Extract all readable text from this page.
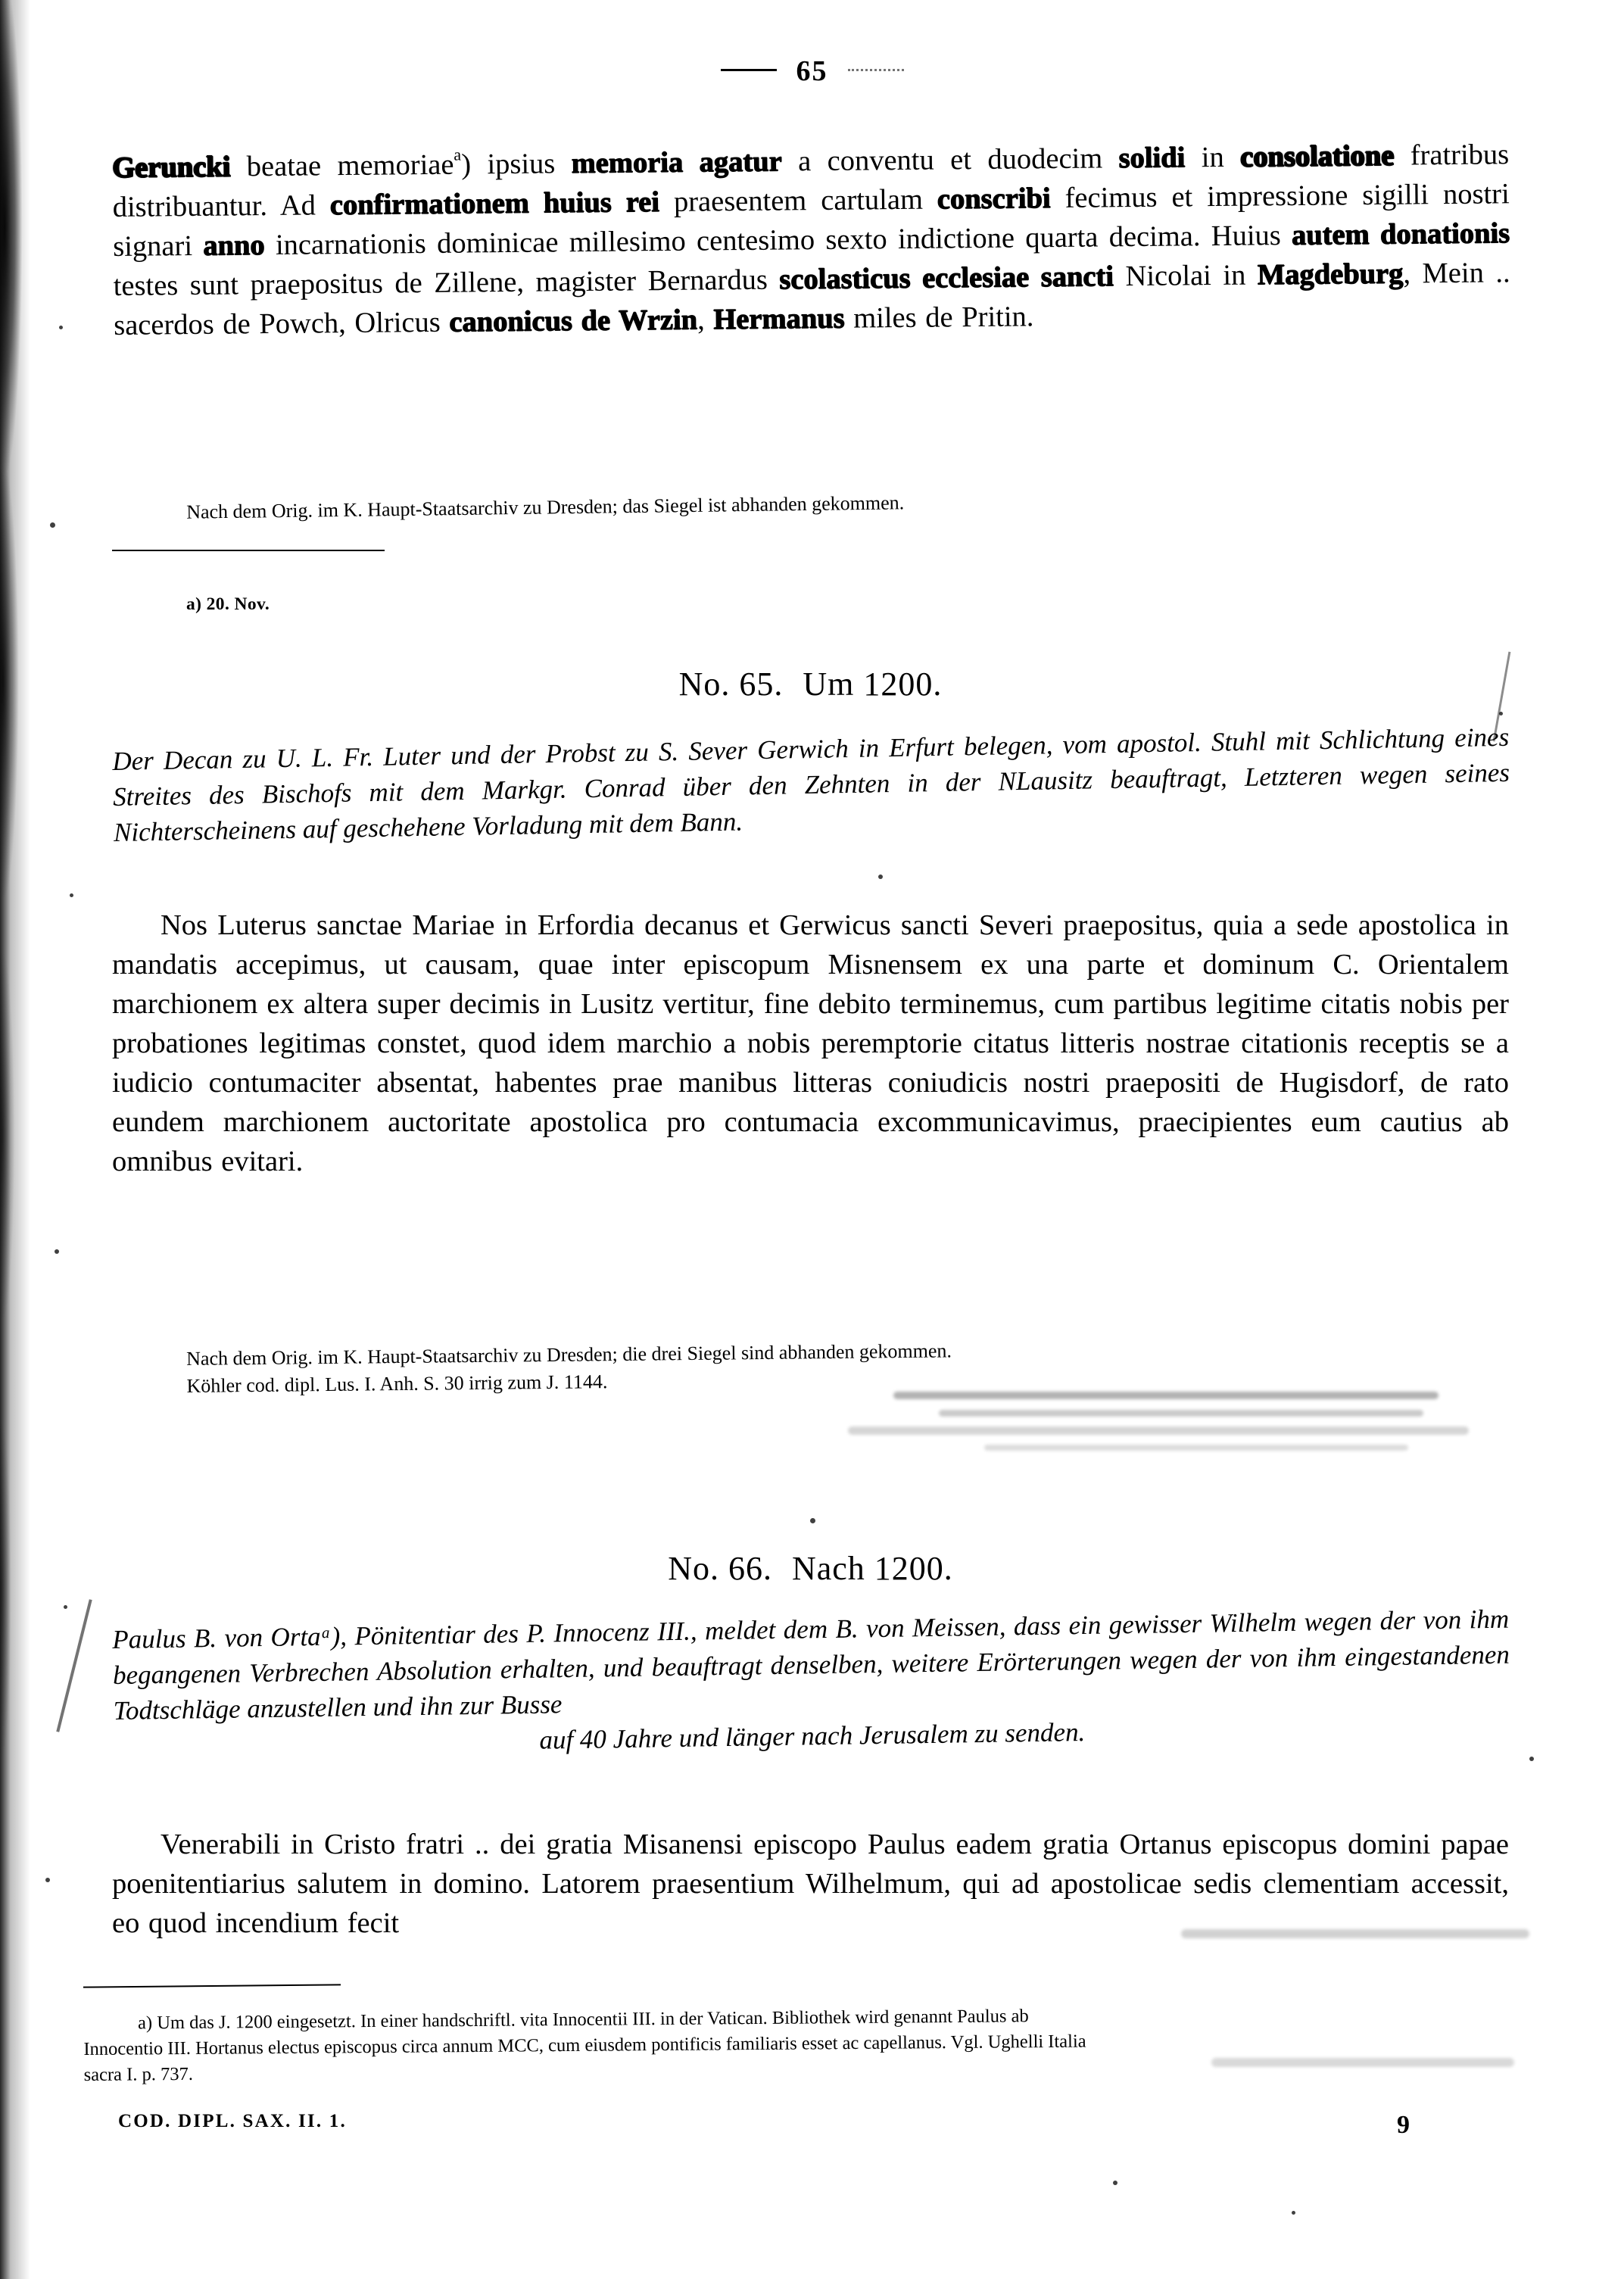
65

Geruncki beatae memoriae$^a$) ipsius memoria agatur a conventu et duodecim solidi in consolatione fratribus distribuantur. Ad confirmationem huius rei praesentem cartulam conscribi fecimus et impressione sigilli nostri signari anno incarnationis dominicae millesimo centesimo sexto indictione quarta decima. Huius autem donationis testes sunt praepositus de Zillene, magister Bernardus scolasticus ecclesiae sancti Nicolai in Magdeburg, Mein .. sacerdos de Powch, Olricus canonicus de Wrzin, Hermanus miles de Pritin.

Nach dem Orig. im K. Haupt-Staatsarchiv zu Dresden; das Siegel ist abhanden gekommen.

a) 20. Nov.

No. 65. Um 1200.

Der Decan zu U. L. Fr. Luter und der Probst zu S. Sever Gerwich in Erfurt belegen, vom apostol. Stuhl mit Schlichtung eines Streites des Bischofs mit dem Markgr. Conrad über den Zehnten in der NLausitz beauftragt, Letzteren wegen seines Nichterscheinens auf geschehene Vorladung mit dem Bann.

Nos Luterus sanctae Mariae in Erfordia decanus et Gerwicus sancti Severi praepositus, quia a sede apostolica in mandatis accepimus, ut causam, quae inter episcopum Misnensem ex una parte et dominum C. Orientalem marchionem ex altera super decimis in Lusitz vertitur, fine debito terminemus, cum partibus legitime citatis nobis per probationes legitimas constet, quod idem marchio a nobis peremptorie citatus litteris nostrae citationis receptis se a iudicio contumaciter absentat, habentes prae manibus litteras coniudicis nostri praepositi de Hugisdorf, de rato eundem marchionem auctoritate apostolica pro contumacia excommunicavimus, praecipientes eum cautius ab omnibus evitari.

Nach dem Orig. im K. Haupt-Staatsarchiv zu Dresden; die drei Siegel sind abhanden gekommen.

Köhler cod. dipl. Lus. I. Anh. S. 30 irrig zum J. 1144.

No. 66. Nach 1200.

Paulus B. von Ortaᵃ), Pönitentiar des P. Innocenz III., meldet dem B. von Meissen, dass ein gewisser Wilhelm wegen der von ihm begangenen Verbrechen Absolution erhalten, und beauftragt denselben, weitere Erörterungen wegen der von ihm eingestandenen Todtschläge anzustellen und ihn zur Busse
auf 40 Jahre und länger nach Jerusalem zu senden.

Venerabili in Cristo fratri .. dei gratia Misanensi episcopo Paulus eadem gratia Ortanus episcopus domini papae poenitentiarius salutem in domino. Latorem praesentium Wilhelmum, qui ad apostolicae sedis clementiam accessit, eo quod incendium fecit

a) Um das J. 1200 eingesetzt. In einer handschriftl. vita Innocentii III. in der Vatican. Bibliothek wird genannt Paulus ab

Innocentio III. Hortanus electus episcopus circa annum MCC, cum eiusdem pontificis familiaris esset ac capellanus. Vgl. Ughelli Italia

sacra I. p. 737.

COD. DIPL. SAX. II. 1.	9
